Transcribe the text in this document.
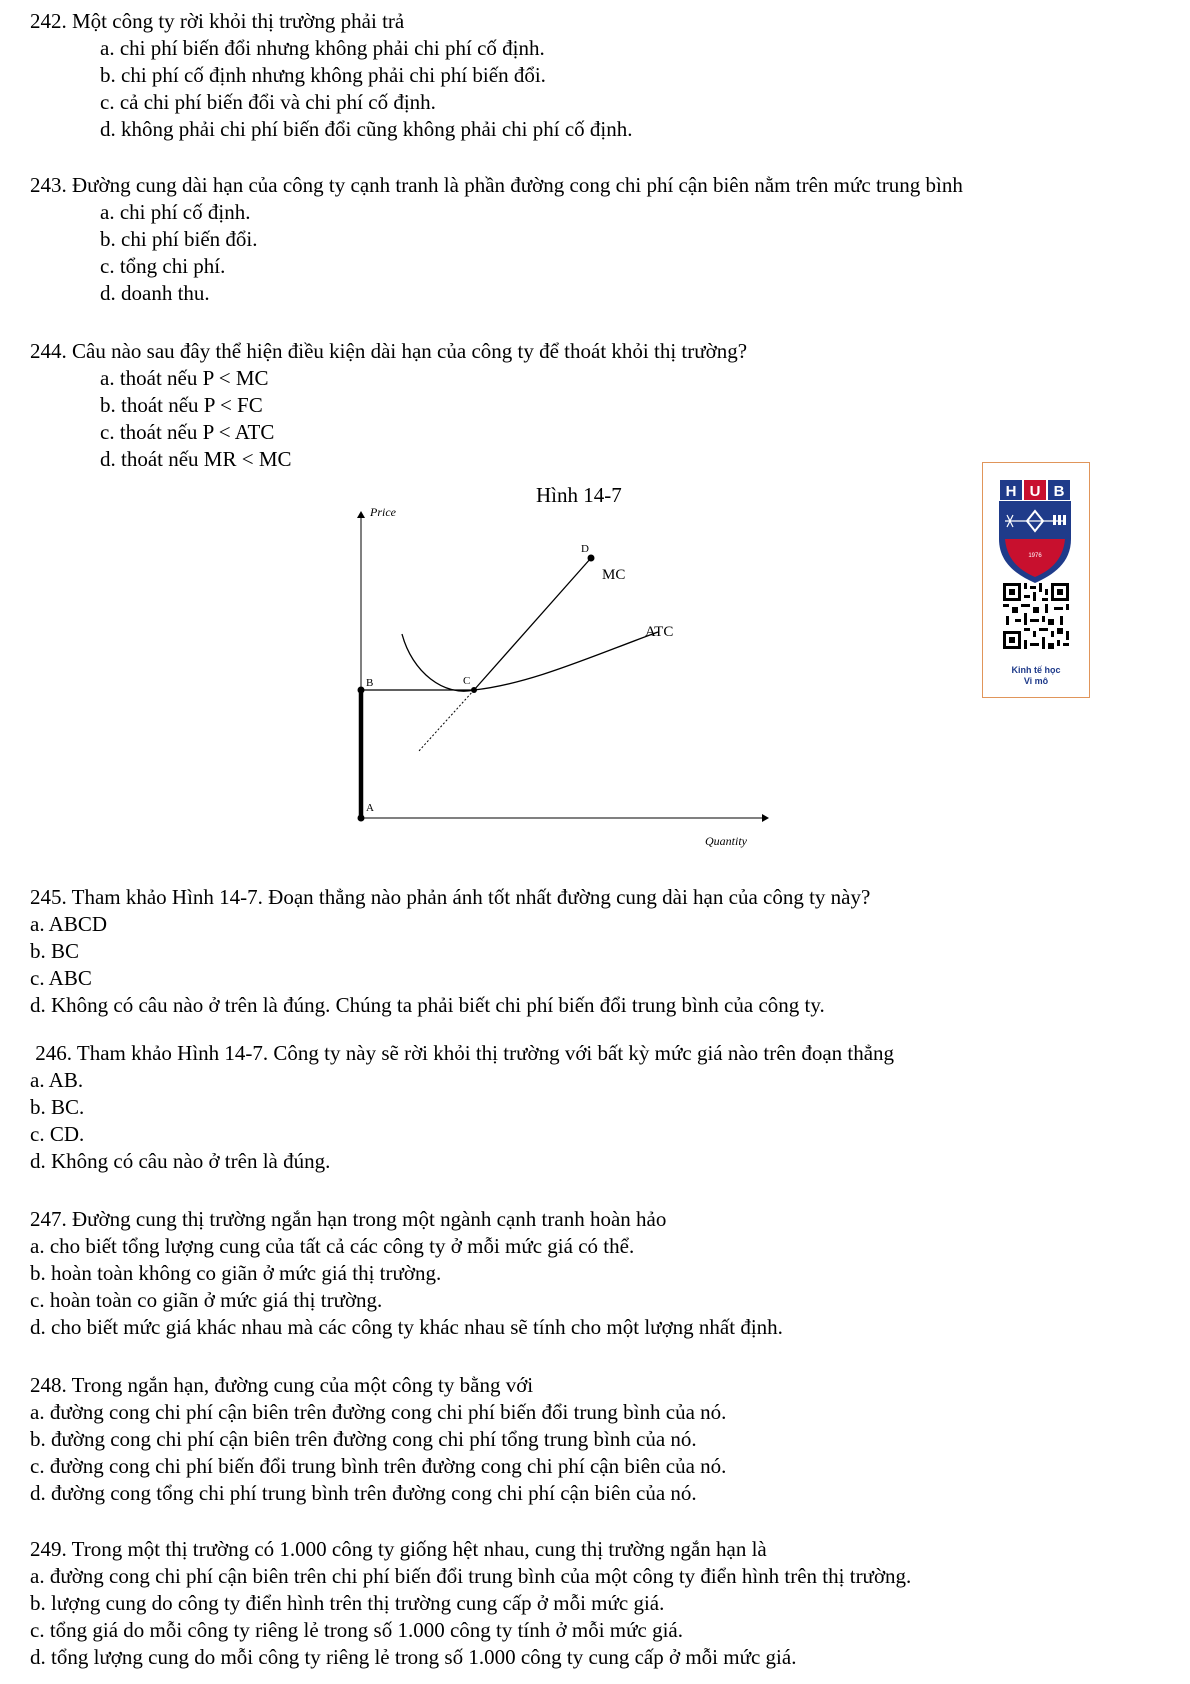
242. Một công ty rời khỏi thị trường phải trả

a. chi phí biến đổi nhưng không phải chi phí cố định.

b. chi phí cố định nhưng không phải chi phí biến đổi.

c. cả chi phí biến đổi và chi phí cố định.

d. không phải chi phí biến đổi cũng không phải chi phí cố định.

243. Đường cung dài hạn của công ty cạnh tranh là phần đường cong chi phí cận biên nằm trên mức trung bình

a. chi phí cố định.

b. chi phí biến đổi.

c. tổng chi phí.

d. doanh thu.

244. Câu nào sau đây thể hiện điều kiện dài hạn của công ty để thoát khỏi thị trường?

a. thoát nếu P < MC

b. thoát nếu P < FC

c. thoát nếu P < ATC

d. thoát nếu MR < MC

Hình 14-7
Price
Quantity
A
B	C
D
MC
ATC
H U B
1976
Kinh tế học
Vi mô

245. Tham khảo Hình 14-7. Đoạn thẳng nào phản ánh tốt nhất đường cung dài hạn của công ty này?

a. ABCD

b. BC

c. ABC

d. Không có câu nào ở trên là đúng. Chúng ta phải biết chi phí biến đổi trung bình của công ty.

246. Tham khảo Hình 14-7. Công ty này sẽ rời khỏi thị trường với bất kỳ mức giá nào trên đoạn thẳng

a. AB.

b. BC.

c. CD.

d. Không có câu nào ở trên là đúng.

247. Đường cung thị trường ngắn hạn trong một ngành cạnh tranh hoàn hảo

a. cho biết tổng lượng cung của tất cả các công ty ở mỗi mức giá có thể.

b. hoàn toàn không co giãn ở mức giá thị trường.

c. hoàn toàn co giãn ở mức giá thị trường.

d. cho biết mức giá khác nhau mà các công ty khác nhau sẽ tính cho một lượng nhất định.

248. Trong ngắn hạn, đường cung của một công ty bằng với

a. đường cong chi phí cận biên trên đường cong chi phí biến đổi trung bình của nó.

b. đường cong chi phí cận biên trên đường cong chi phí tổng trung bình của nó.

c. đường cong chi phí biến đổi trung bình trên đường cong chi phí cận biên của nó.

d. đường cong tổng chi phí trung bình trên đường cong chi phí cận biên của nó.

249. Trong một thị trường có 1.000 công ty giống hệt nhau, cung thị trường ngắn hạn là

a. đường cong chi phí cận biên trên chi phí biến đổi trung bình của một công ty điển hình trên thị trường.

b. lượng cung do công ty điển hình trên thị trường cung cấp ở mỗi mức giá.

c. tổng giá do mỗi công ty riêng lẻ trong số 1.000 công ty tính ở mỗi mức giá.

d. tổng lượng cung do mỗi công ty riêng lẻ trong số 1.000 công ty cung cấp ở mỗi mức giá.
